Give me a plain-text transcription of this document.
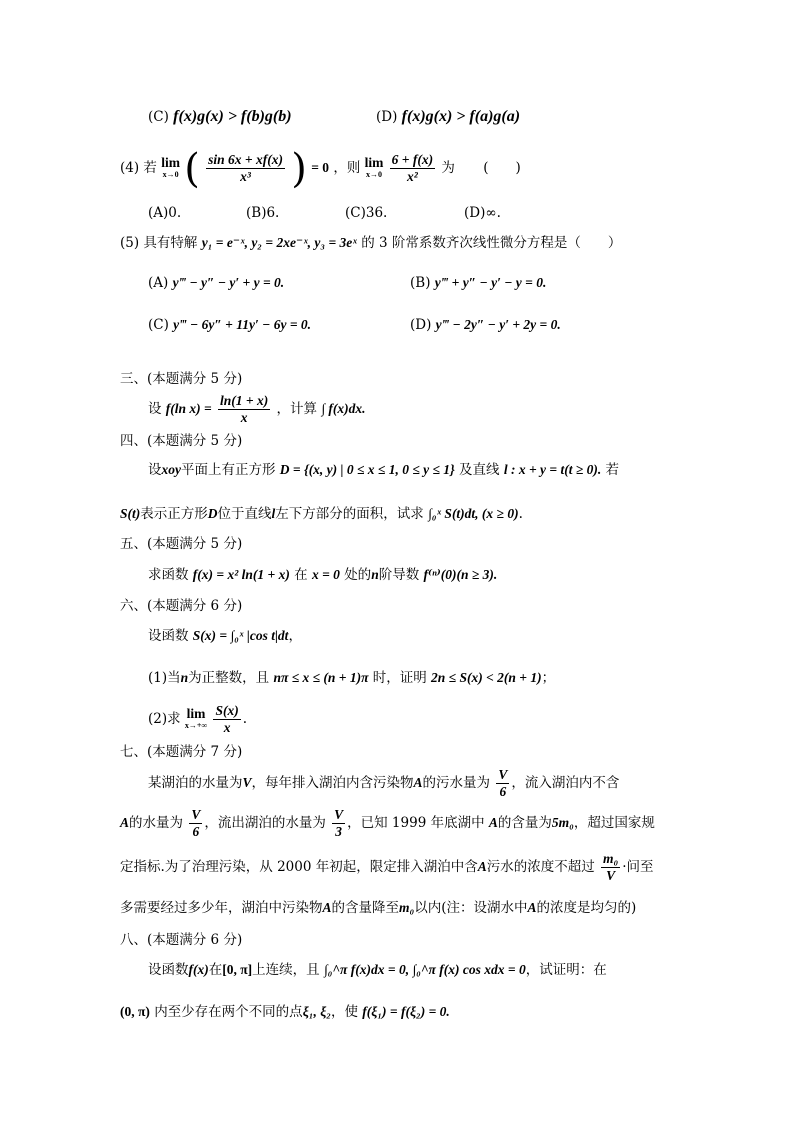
(C) f(x)g(x) > f(b)g(b)	(D) f(x)g(x) > f(a)g(a)
(4) 若 lim
x→0 ( $\frac{\sin 6x + xf(x)}{\text{x³}}$ ) = 0 ，则 lim
x→0
$\frac{6 + f(x)}{\text{x²}}$ 为 (　　)
(A)0.	(B)6.	(C)36.	(D)∞.
(5) 具有特解 y₁ = e⁻ˣ, y₂ = 2xe⁻ˣ, y₃ = 3eˣ 的 3 阶常系数齐次线性微分方程是（　　）
(A) y‴ − y″ − y′ + y = 0.	(B) y‴ + y″ − y′ − y = 0.
(C) y‴ − 6y″ + 11y′ − 6y = 0.	(D) y‴ − 2y″ − y′ + 2y = 0.
三、(本题满分 5 分)
设 f(ln $x) = \frac{\ln(1 + x)}{x}$ ，计算 ∫ f(x)dx.
四、(本题满分 5 分)
设xoy平面上有正方形 D = {(x, y) | 0 ≤ x ≤ 1, 0 ≤ y ≤ 1} 及直线 l : x + y = t(t ≥ 0). 若
S(t)表示正方形D位于直线l左下方部分的面积，试求 ∫₀ˣ S(t)dt, (x ≥ 0).
五、(本题满分 5 分)
求函数 f(x) = x² ln(1 + x) 在 x = 0 处的n阶导数 f⁽ⁿ⁾(0)(n ≥ 3).
六、(本题满分 6 分)
设函数 S(x) = ∫₀ˣ |cos t|dt，
(1)当n为正整数，且 nπ ≤ x ≤ (n + 1)π 时，证明 2n ≤ S(x) < 2(n + 1)；
(2)求 lim
x→+∞
$\frac{S(x)}{x}$ .
七、(本题满分 7 分)
某湖泊的水量为V，每年排入湖泊内含污染物A的污水量为 $\frac{V}{6}$ ，流入湖泊内不含
A的水量为 $\frac{V}{6}$ ，流出湖泊的水量为 $\frac{V}{3}$ ，已知 1999 年底湖中 A的含量为5m₀，超过国家规
定指标.为了治理污染，从 2000 年初起，限定排入湖泊中含A污水的浓度不超过 $\frac{\text{m₀}}{V}$ ·问至
多需要经过多少年，湖泊中污染物A的含量降至m₀以内(注：设湖水中A的浓度是均匀的)
八、(本题满分 6 分)
设函数f(x)在[0, π]上连续，且 ∫₀^π f(x)dx = 0, ∫₀^π f(x) cos xdx = 0，试证明：在
(0, π) 内至少存在两个不同的点ξ₁, ξ₂，使 f(ξ₁) = f(ξ₂) = 0.
